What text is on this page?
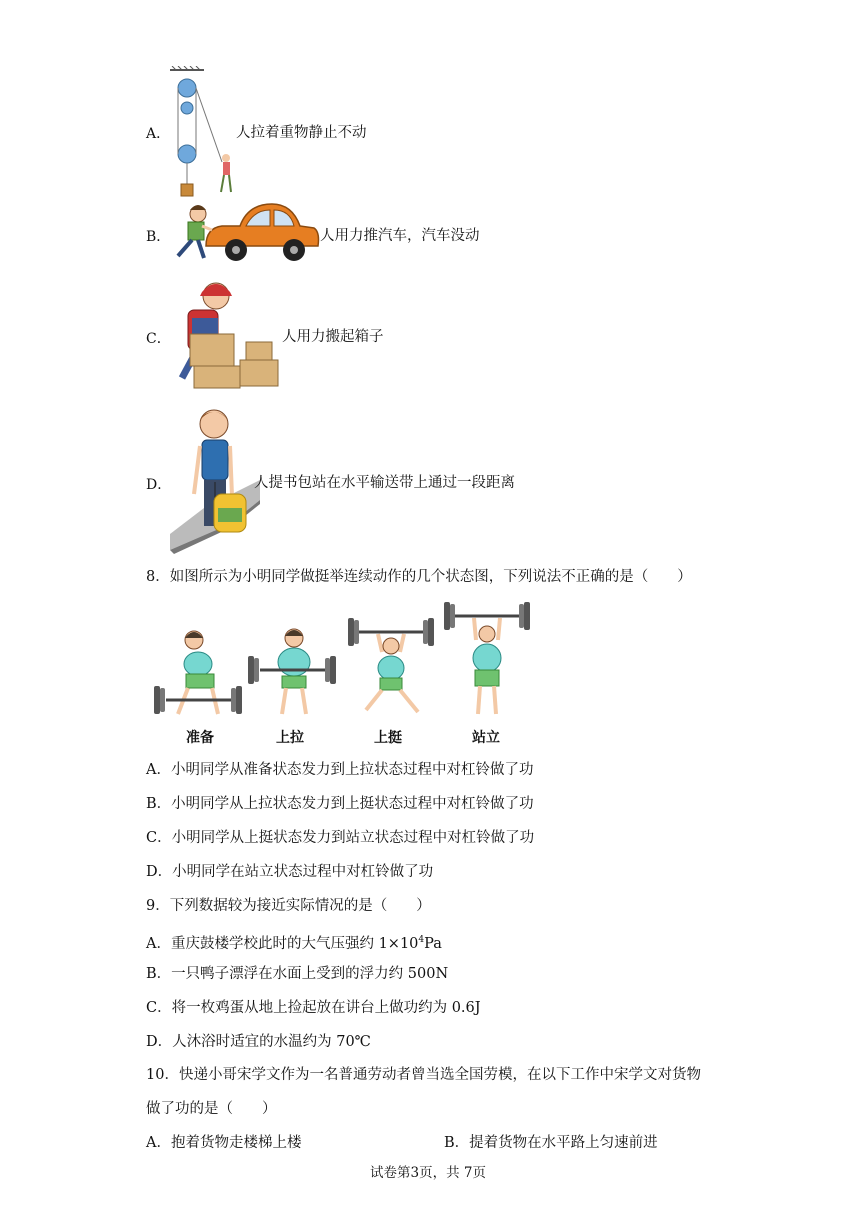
A．	人拉着重物静止不动
B．	人用力推汽车，汽车没动
C．	人用力搬起箱子
D．	人提书包站在水平输送带上通过一段距离
8．如图所示为小明同学做挺举连续动作的几个状态图，下列说法不正确的是（　　）
准备	上拉	上挺	站立
A．小明同学从准备状态发力到上拉状态过程中对杠铃做了功
B．小明同学从上拉状态发力到上挺状态过程中对杠铃做了功
C．小明同学从上挺状态发力到站立状态过程中对杠铃做了功
D．小明同学在站立状态过程中对杠铃做了功
9．下列数据较为接近实际情况的是（　　）
A．重庆鼓楼学校此时的大气压强约 $1\times 10^4Pa$
B．一只鸭子漂浮在水面上受到的浮力约 500N
C．将一枚鸡蛋从地上捡起放在讲台上做功约为 0.6J
D．人沐浴时适宜的水温约为 70℃
10．快递小哥宋学文作为一名普通劳动者曾当选全国劳模，在以下工作中宋学文对货物
做了功的是（　　）
A．抱着货物走楼梯上楼	B．提着货物在水平路上匀速前进
试卷第3页，共 7页
